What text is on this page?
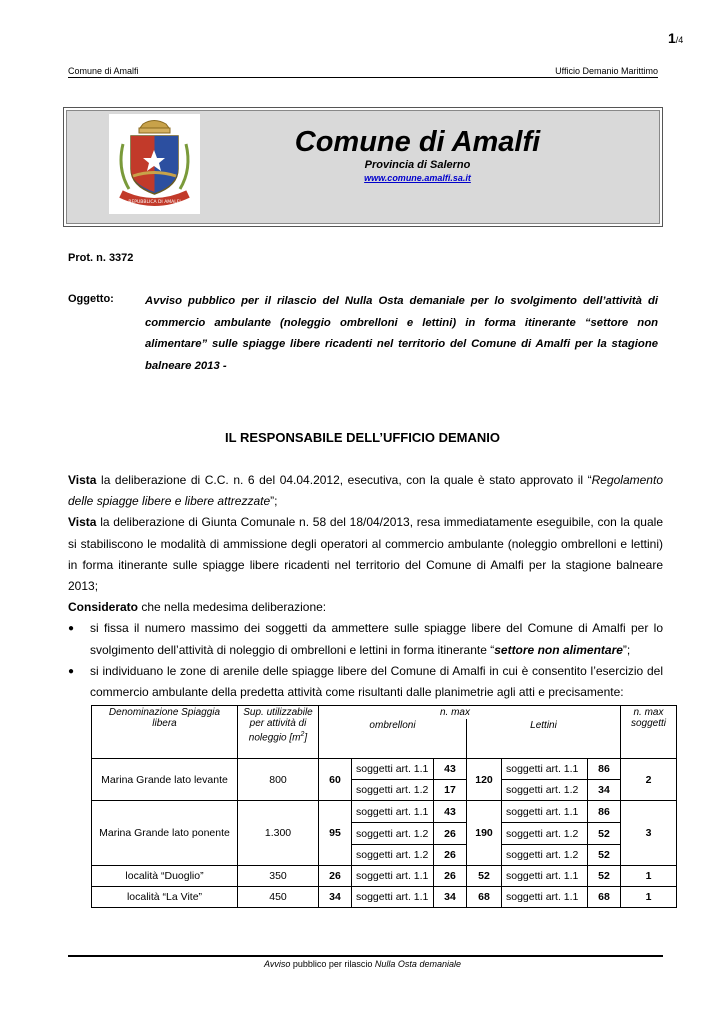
1/4
Comune di Amalfi	Ufficio Demanio Marittimo
REPUBBLICA DI AMALFI
Comune di Amalfi
Provincia di Salerno
www.comune.amalfi.sa.it
Prot. n. 3372
Oggetto:	Avviso pubblico per il rilascio del Nulla Osta demaniale per lo svolgimento dell’attività di commercio ambulante (noleggio ombrelloni e lettini) in forma itinerante “settore non alimentare” sulle spiagge libere ricadenti nel territorio del Comune di Amalfi per la stagione balneare 2013 -
IL RESPONSABILE DELL’UFFICIO DEMANIO

Vista la deliberazione di C.C. n. 6 del 04.04.2012, esecutiva, con la quale è stato approvato il “Regolamento delle spiagge libere e libere attrezzate”;

Vista la deliberazione di Giunta Comunale n. 58 del 18/04/2013, resa immediatamente eseguibile, con la quale si stabiliscono le modalità di ammissione degli operatori al commercio ambulante (noleggio ombrelloni e lettini) in forma itinerante sulle spiagge libere ricadenti nel territorio del Comune di Amalfi per la stagione balneare 2013;

Considerato che nella medesima deliberazione:

● si fissa il numero massimo dei soggetti da ammettere sulle spiagge libere del Comune di Amalfi per lo svolgimento dell’attività di noleggio di ombrelloni e lettini in forma itinerante “settore non alimentare”;
● si individuano le zone di arenile delle spiagge libere del Comune di Amalfi in cui è consentito l’esercizio del commercio ambulante della predetta attività come risultanti dalle planimetrie agli atti e precisamente:
Denominazione Spiaggia libera	Sup. utilizzabile per attività di noleggio $[m^2]$	n. max						n. max soggetti
		ombrelloni			Lettini			
Marina Grande lato levante	800	60	soggetti art. 1.1	43	120	soggetti art. 1.1	86	2
			soggetti art. 1.2	17		soggetti art. 1.2	34	
Marina Grande lato ponente	1.300	95	soggetti art. 1.1	43	190	soggetti art. 1.1	86	3
			soggetti art. 1.2	26		soggetti art. 1.2	52	
			soggetti art. 1.2	26		soggetti art. 1.2	52	
località “Duoglio”	350	26	soggetti art. 1.1	26	52	soggetti art. 1.1	52	1
località “La Vite”	450	34	soggetti art. 1.1	34	68	soggetti art. 1.1	68	1
Avviso pubblico per rilascio Nulla Osta demaniale
